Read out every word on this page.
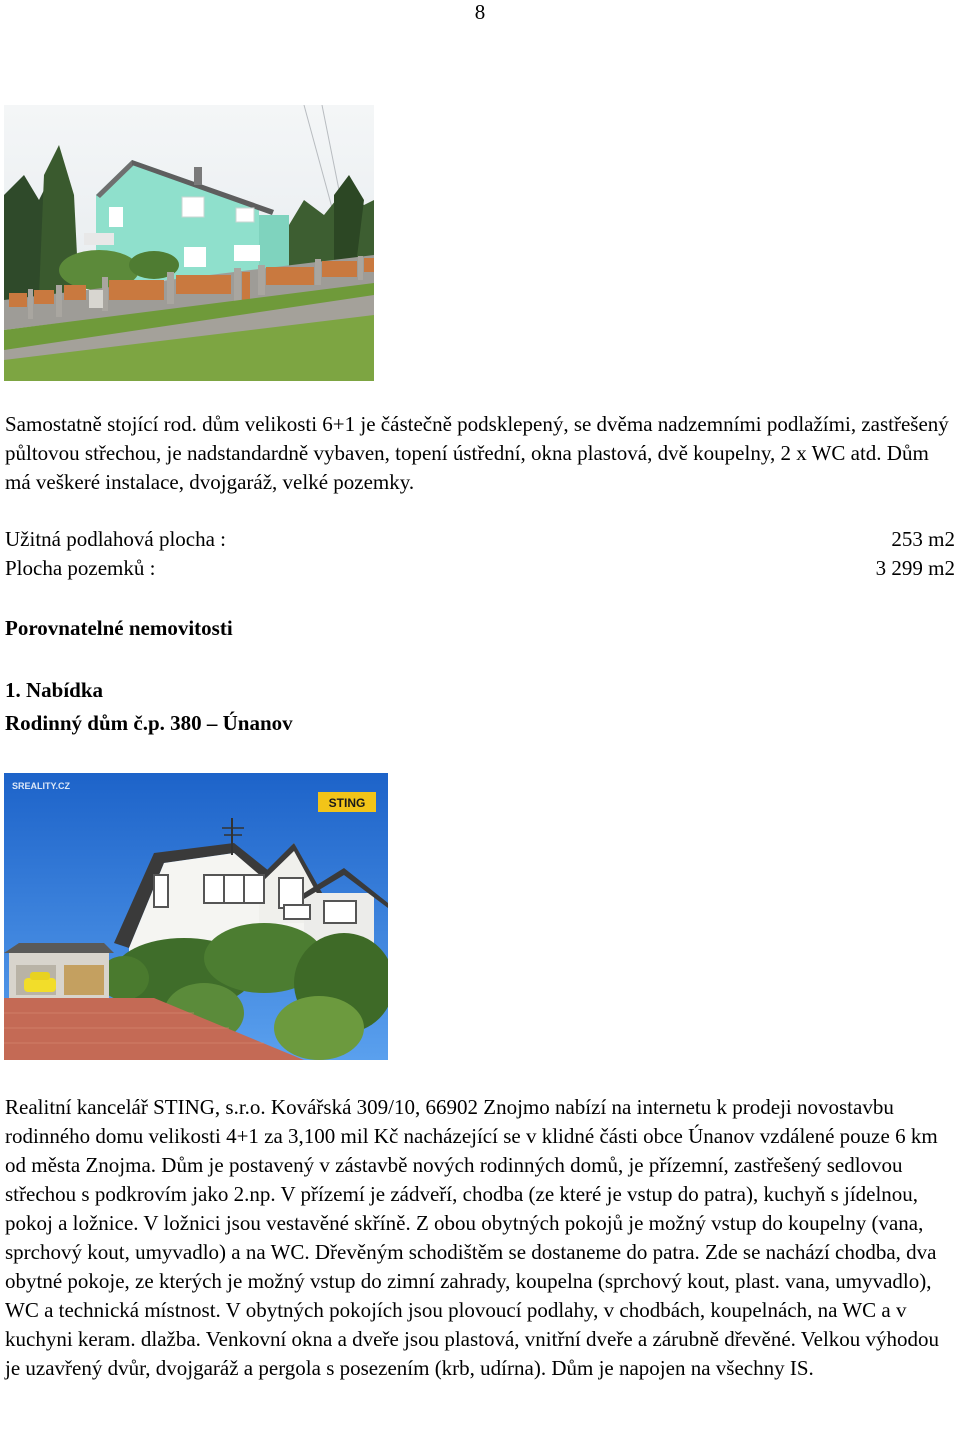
8

Samostatně stojící rod. dům velikosti 6+1 je částečně podsklepený, se dvěma nadzemními podlažími, zastřešený půltovou střechou, je nadstandardně vybaven, topení ústřední, okna plastová, dvě koupelny, 2 x WC atd. Dům má veškeré instalace, dvojgaráž, velké pozemky.

Užitná podlahová plocha :	253 m2
Plocha pozemků :	3 299 m2
Porovnatelné nemovitosti
1. Nabídka
Rodinný dům č.p. 380 – Únanov
SREALITY.CZ
STING

Realitní kancelář STING, s.r.o. Kovářská 309/10, 66902 Znojmo nabízí na internetu k prodeji novostavbu rodinného domu velikosti 4+1 za 3,100 mil Kč nacházející se v klidné části obce Únanov vzdálené pouze 6 km od města Znojma. Dům je postavený v zástavbě nových rodinných domů, je přízemní, zastřešený sedlovou střechou s podkrovím jako 2.np. V přízemí je zádveří, chodba (ze které je vstup do patra), kuchyň s jídelnou, pokoj a ložnice. V ložnici jsou vestavěné skříně. Z obou obytných pokojů je možný vstup do koupelny (vana, sprchový kout, umyvadlo) a na WC. Dřevěným schodištěm se dostaneme do patra. Zde se nachází chodba, dva obytné pokoje, ze kterých je možný vstup do zimní zahrady, koupelna (sprchový kout, plast. vana, umyvadlo), WC a technická místnost. V obytných pokojích jsou plovoucí podlahy, v chodbách, koupelnách, na WC a v kuchyni keram. dlažba. Venkovní okna a dveře jsou plastová, vnitřní dveře a zárubně dřevěné. Velkou výhodou je uzavřený dvůr, dvojgaráž a pergola s posezením (krb, udírna). Dům je napojen na všechny IS.
